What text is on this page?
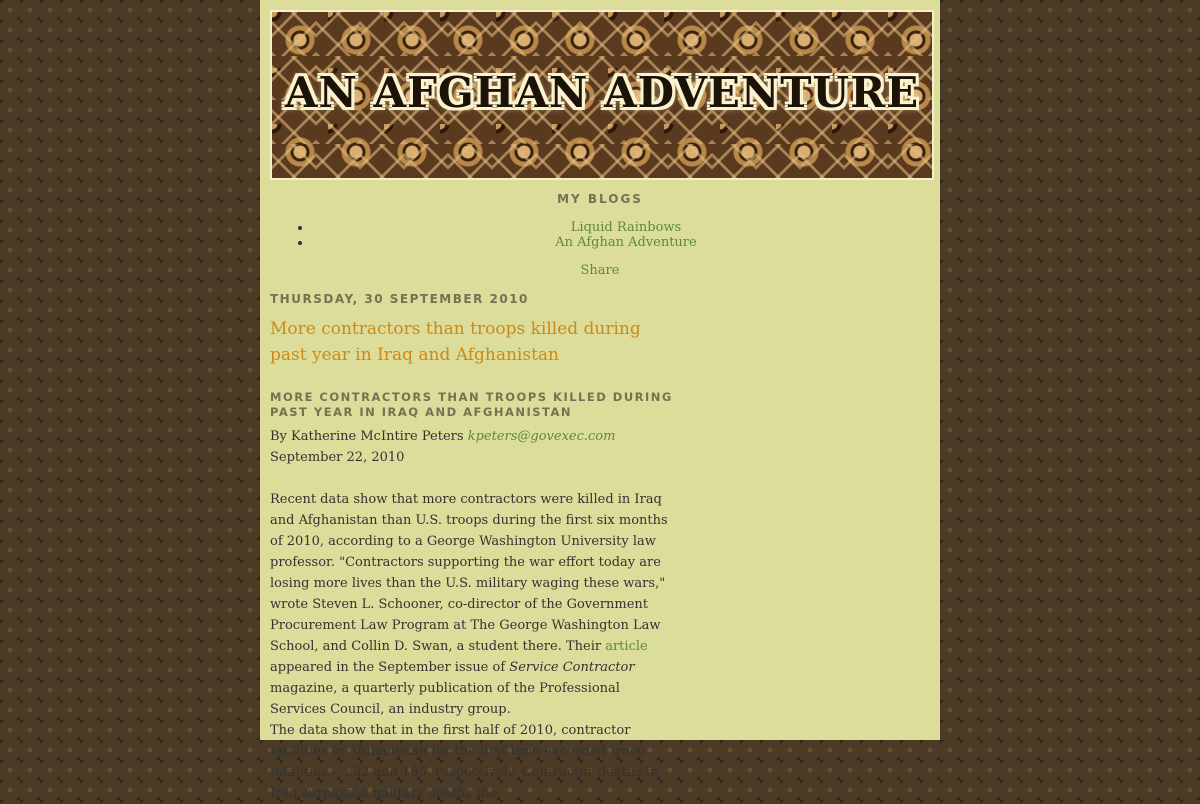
AN AFGHAN ADVENTURE
MY BLOGS
• Liquid Rainbows
• An Afghan Adventure
Share
THURSDAY, 30 SEPTEMBER 2010
More contractors than troops killed during past year in Iraq and Afghanistan
MORE CONTRACTORS THAN TROOPS KILLED DURING PAST YEAR IN IRAQ AND AFGHANISTAN

By Katherine McIntire Peters kpeters@govexec.com September 22, 2010

Recent data show that more contractors were killed in Iraq and Afghanistan than U.S. troops during the first six months of 2010, according to a George Washington University law professor. "Contractors supporting the war effort today are losing more lives than the U.S. military waging these wars," wrote Steven L. Schooner, co-director of the Government Procurement Law Program at The George Washington Law School, and Collin D. Swan, a student there. Their article appeared in the September issue of Service Contractor magazine, a quarterly publication of the Professional Services Council, an industry group.

The data show that in the first half of 2010, contractor fatalities in Afghanistan for the first time exceeded troop fatalities -- 232 and 195, respectively. Contractor deaths in Iraq surpassed military deaths the
